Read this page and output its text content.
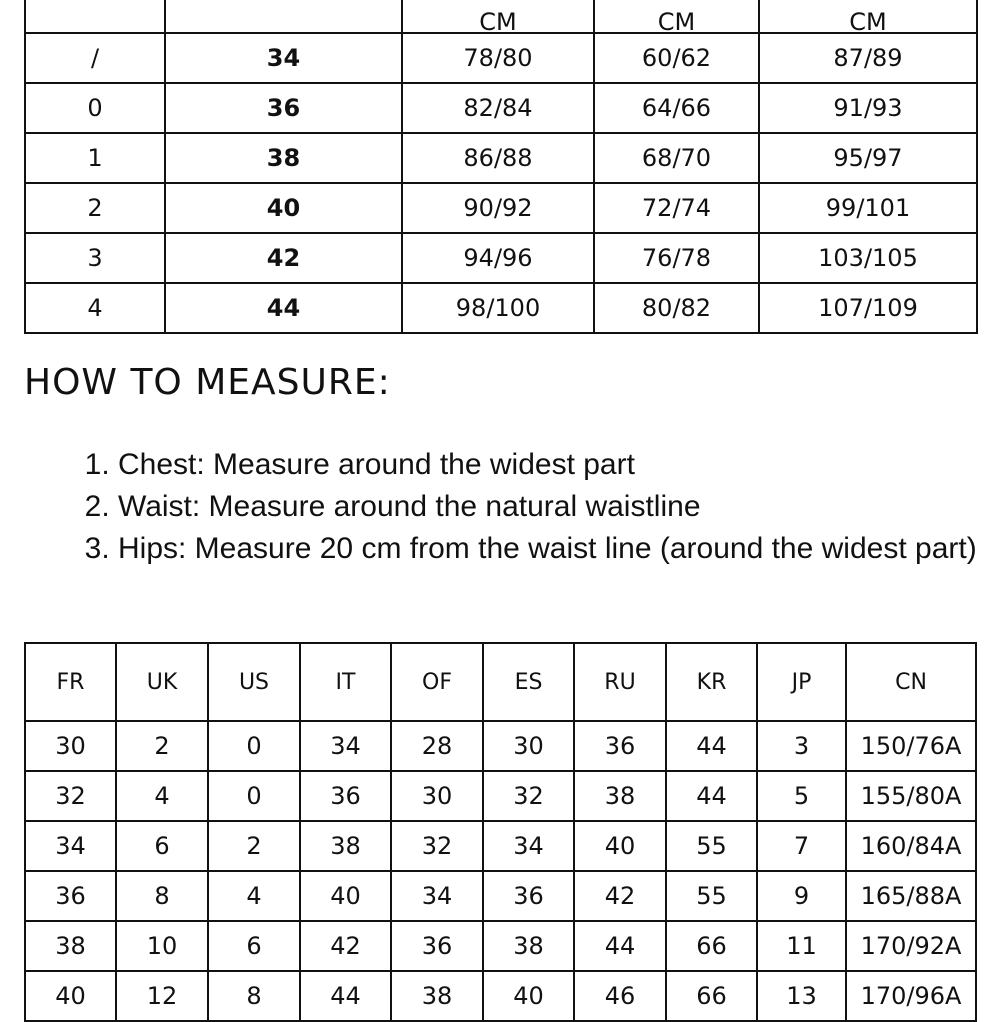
		CM	CM	CM
/	34	78/80	60/62	87/89
0	36	82/84	64/66	91/93
1	38	86/88	68/70	95/97
2	40	90/92	72/74	99/101
3	42	94/96	76/78	103/105
4	44	98/100	80/82	107/109
HOW TO MEASURE:
1. Chest: Measure around the widest part
2. Waist: Measure around the natural waistline
3. Hips: Measure 20 cm from the waist line (around the widest part)
FR	UK	US	IT	OF	ES	RU	KR	JP	CN
30	2	0	34	28	30	36	44	3	150/76A
32	4	0	36	30	32	38	44	5	155/80A
34	6	2	38	32	34	40	55	7	160/84A
36	8	4	40	34	36	42	55	9	165/88A
38	10	6	42	36	38	44	66	11	170/92A
40	12	8	44	38	40	46	66	13	170/96A
